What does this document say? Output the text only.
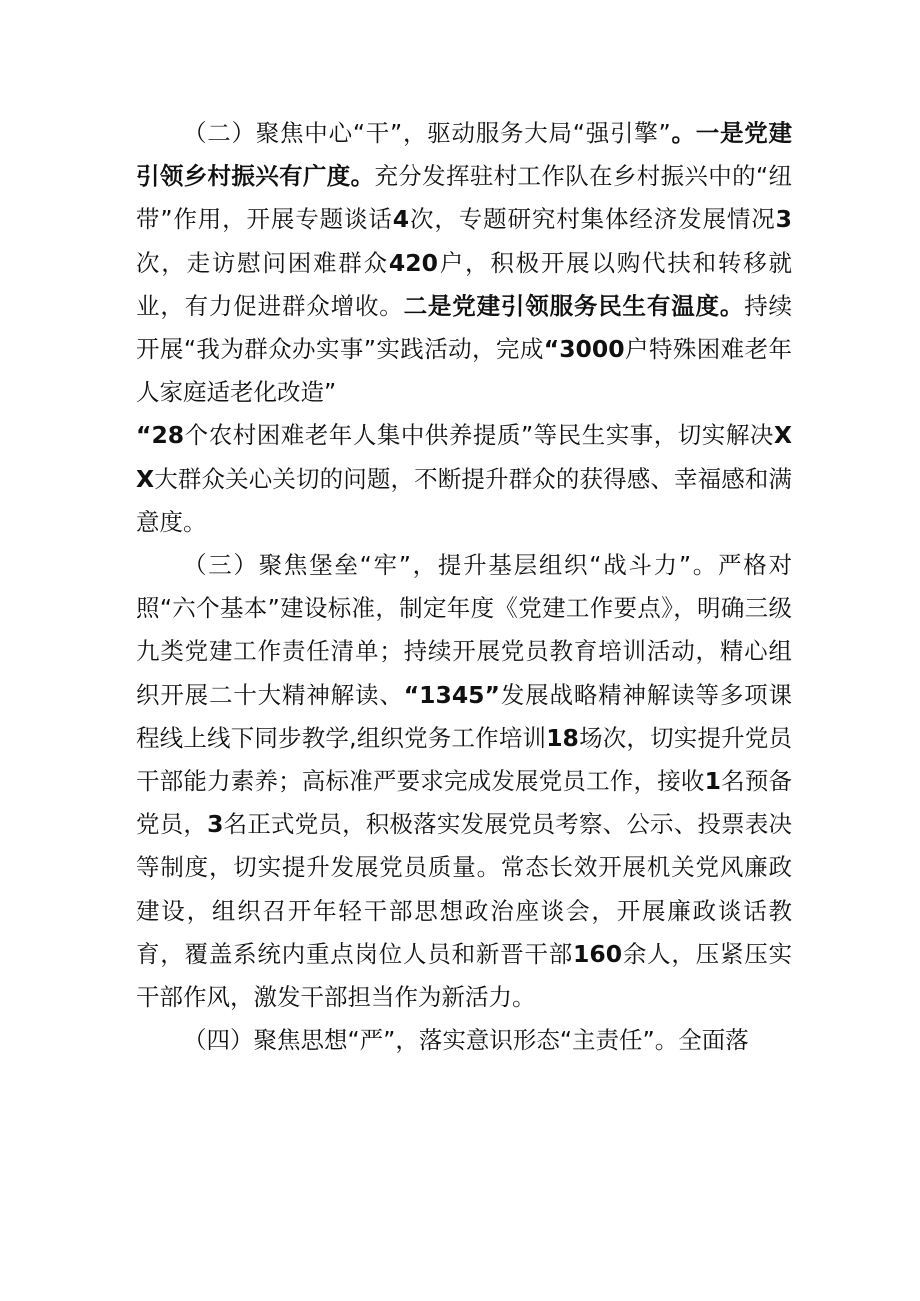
（二）聚焦中心“干”，驱动服务大局“强引擎”。一是党建引领乡村振兴有广度。充分发挥驻村工作队在乡村振兴中的“纽带”作用，开展专题谈话4次，专题研究村集体经济发展情况3次，走访慰问困难群众420户，积极开展以购代扶和转移就业，有力促进群众增收。二是党建引领服务民生有温度。持续开展“我为群众办实事”实践活动，完成“3000户特殊困难老年人家庭适老化改造”

“28个农村困难老年人集中供养提质”等民生实事，切实解决XX大群众关心关切的问题，不断提升群众的获得感、幸福感和满意度。

（三）聚焦堡垒“牢”，提升基层组织“战斗力”。严格对照“六个基本”建设标准，制定年度《党建工作要点》，明确三级九类党建工作责任清单；持续开展党员教育培训活动，精心组织开展二十大精神解读、“1345”发展战略精神解读等多项课程线上线下同步教学,组织党务工作培训18场次，切实提升党员干部能力素养；高标准严要求完成发展党员工作，接收1名预备党员，3名正式党员，积极落实发展党员考察、公示、投票表决等制度，切实提升发展党员质量。常态长效开展机关党风廉政建设，组织召开年轻干部思想政治座谈会，开展廉政谈话教育，覆盖系统内重点岗位人员和新晋干部160余人，压紧压实干部作风，激发干部担当作为新活力。

（四）聚焦思想“严”，落实意识形态“主责任”。全面落
